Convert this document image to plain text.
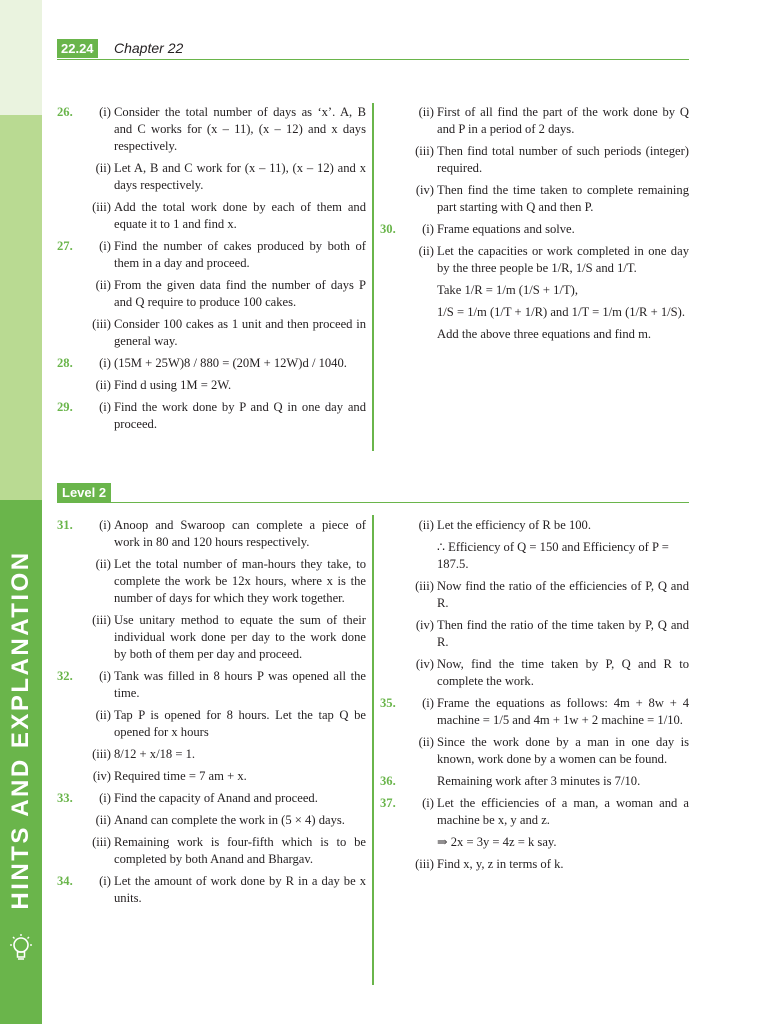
HINTS AND EXPLANATION
22.24 Chapter 22
26.	(i) Consider the total number of days as ‘x’. A, B and C works for (x – 11), (x – 12) and x days respectively.
(ii) Let A, B and C work for (x – 11), (x – 12) and x days respectively.
(iii) Add the total work done by each of them and equate it to 1 and find x.
27.	(i) Find the number of cakes produced by both of them in a day and proceed.
(ii) From the given data find the number of days P and Q require to produce 100 cakes.
(iii) Consider 100 cakes as 1 unit and then proceed in general way.
28.	(i) (15M + 25W)8 / 880 = (20M + 12W)d / 1040.
(ii) Find d using 1M = 2W.
29.	(i) Find the work done by P and Q in one day and proceed.
(ii) First of all find the part of the work done by Q and P in a period of 2 days.
(iii) Then find total number of such periods (integer) required.
(iv) Then find the time taken to complete remaining part starting with Q and then P.
30.	(i) Frame equations and solve.
(ii) Let the capacities or work completed in one day by the three people be 1/R, 1/S and 1/T.
Take 1/R = 1/m (1/S + 1/T),
1/S = 1/m (1/T + 1/R) and 1/T = 1/m (1/R + 1/S).
Add the above three equations and find m.
Level 2
31.	(i) Anoop and Swaroop can complete a piece of work in 80 and 120 hours respectively.
(ii) Let the total number of man-hours they take, to complete the work be 12x hours, where x is the number of days for which they work together.
(iii) Use unitary method to equate the sum of their individual work done per day to the work done by both of them per day and proceed.
32.	(i) Tank was filled in 8 hours P was opened all the time.
(ii) Tap P is opened for 8 hours. Let the tap Q be opened for x hours
(iii) 8/12 + x/18 = 1.
(iv) Required time = 7 am + x.
33.	(i) Find the capacity of Anand and proceed.
(ii) Anand can complete the work in (5 × 4) days.
(iii) Remaining work is four-fifth which is to be completed by both Anand and Bhargav.
34.	(i) Let the amount of work done by R in a day be x units.
(ii) Let the efficiency of R be 100.
∴ Efficiency of Q = 150 and Efficiency of P = 187.5.
(iii) Now find the ratio of the efficiencies of P, Q and R.
(iv) Then find the ratio of the time taken by P, Q and R.
(iv) Now, find the time taken by P, Q and R to complete the work.
35.	(i) Frame the equations as follows: 4m + 8w + 4 machine = 1/5 and 4m + 1w + 2 machine = 1/10.
(ii) Since the work done by a man in one day is known, work done by a women can be found.
36.	Remaining work after 3 minutes is 7/10.
37.	(i) Let the efficiencies of a man, a woman and a machine be x, y and z.
⇒ 2x = 3y = 4z = k say.
(iii) Find x, y, z in terms of k.
